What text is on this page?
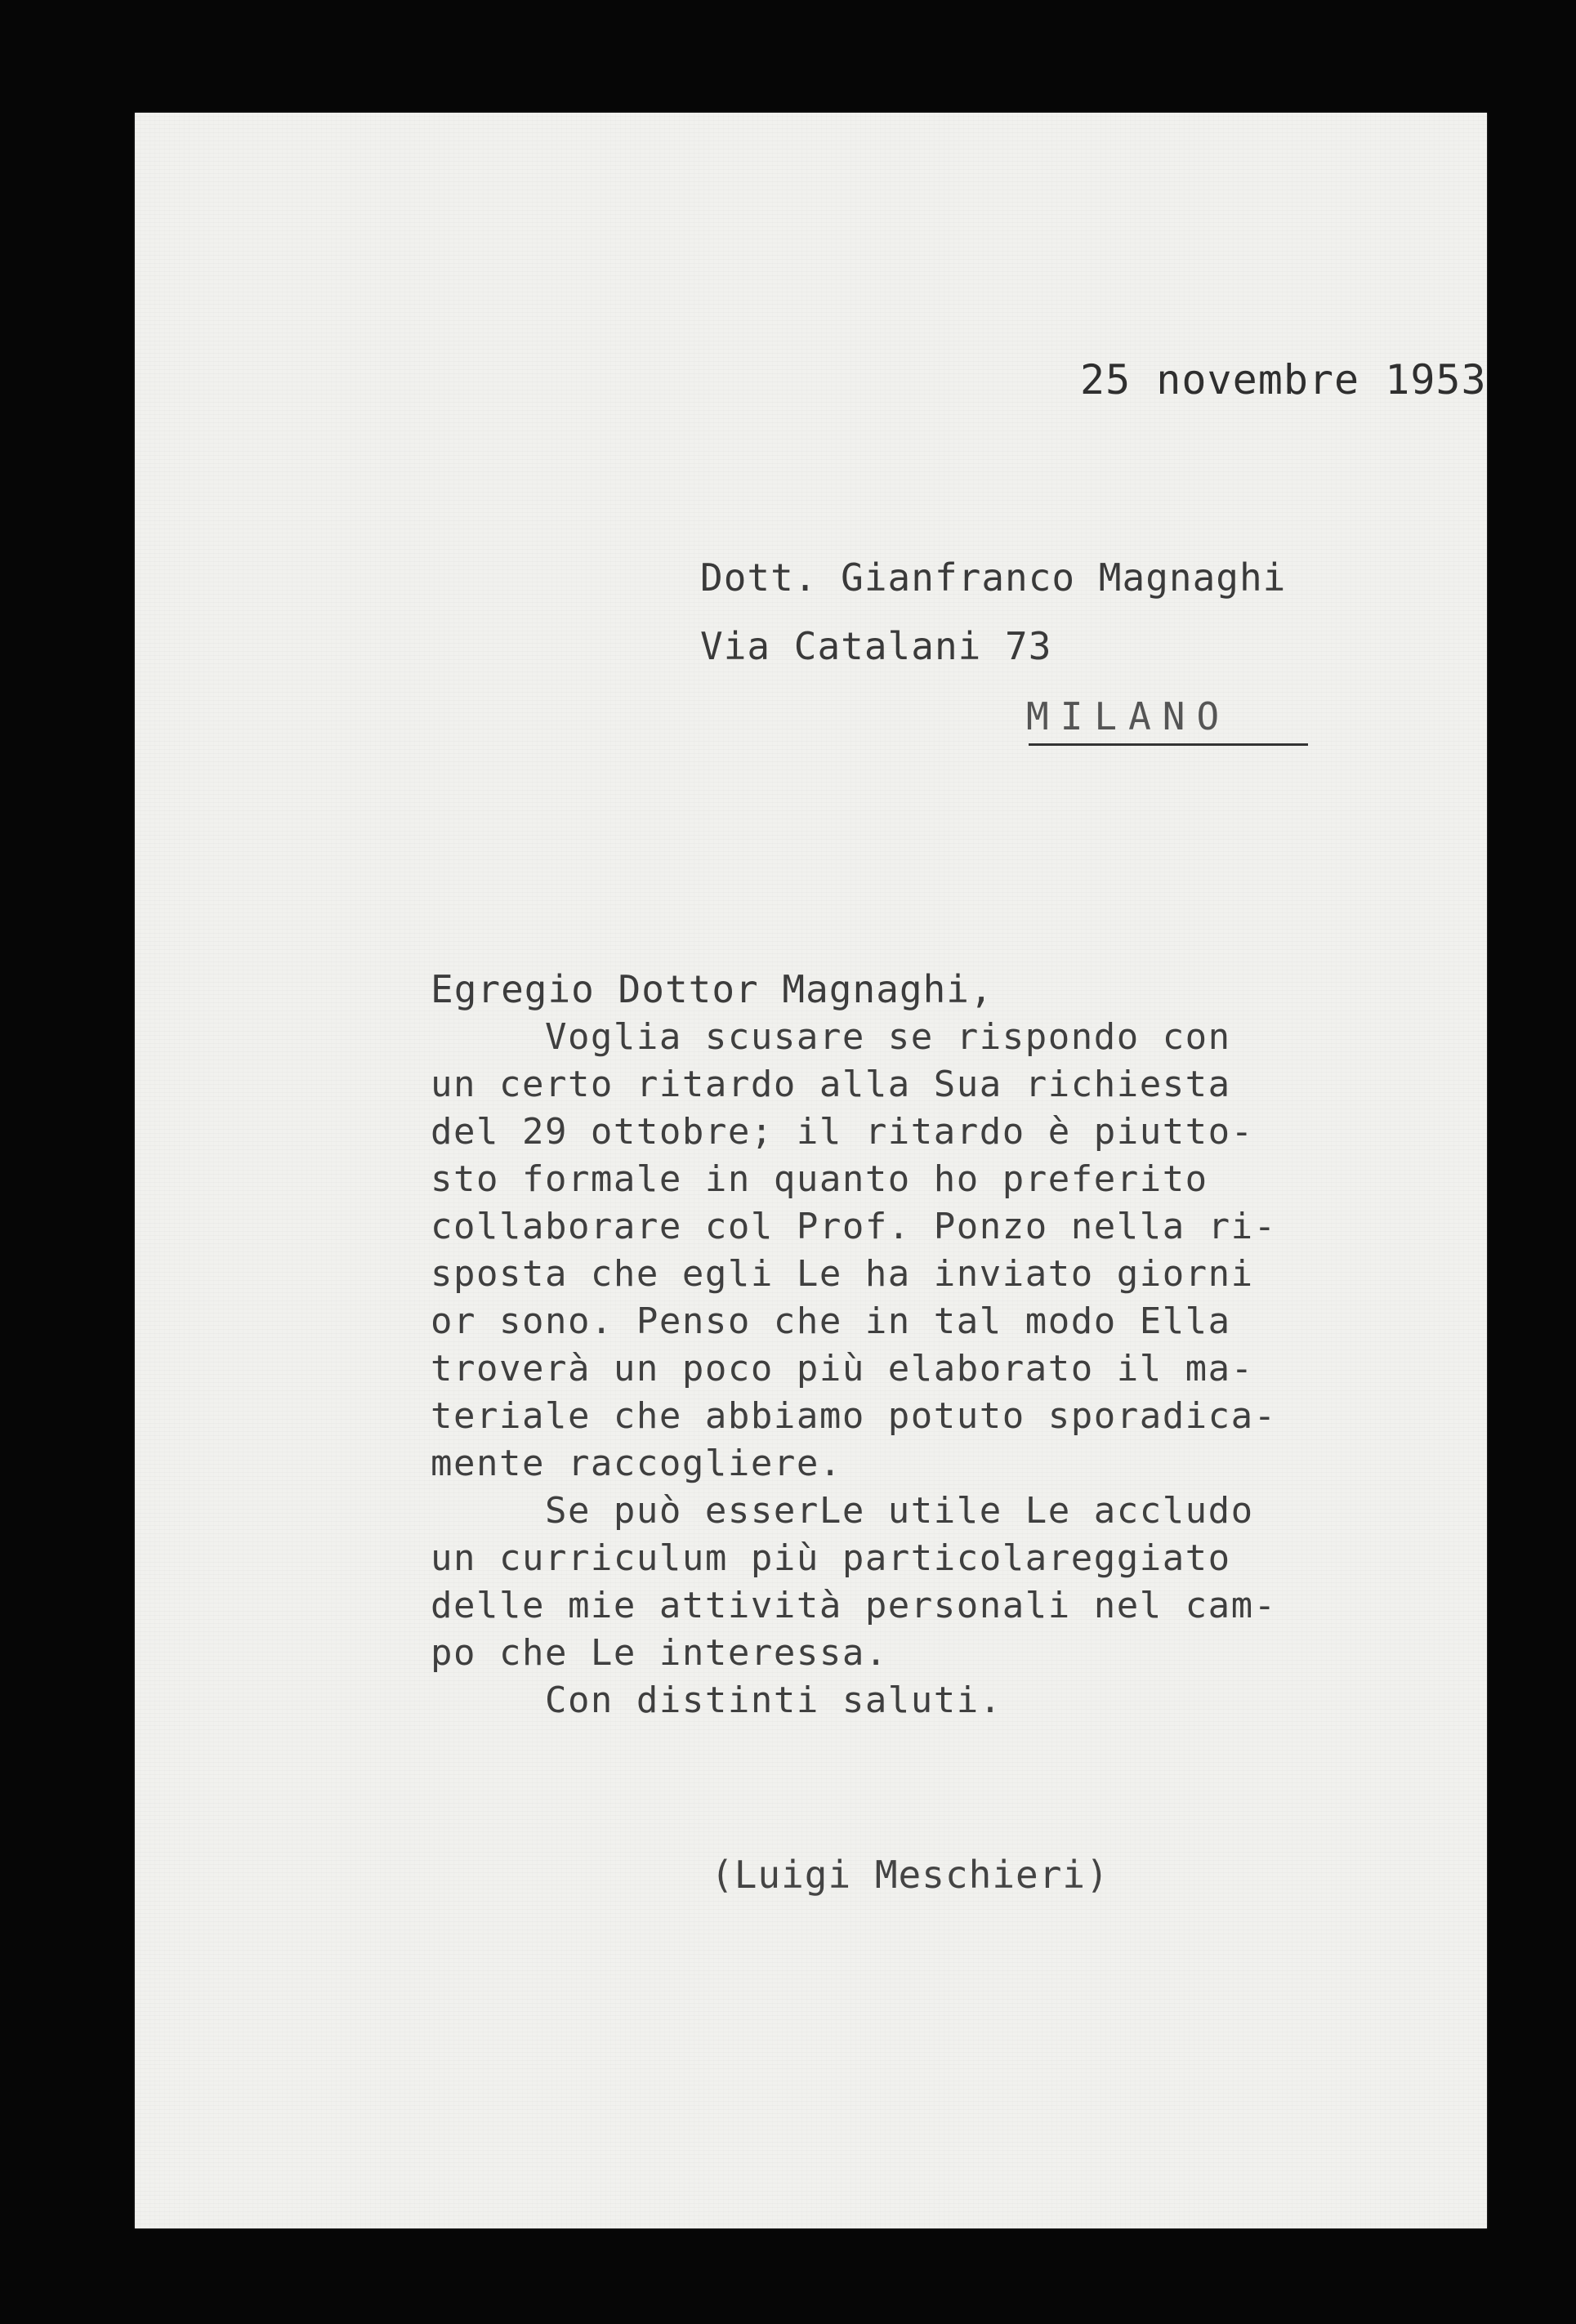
25 novembre 1953
Dott. Gianfranco Magnaghi
Via Catalani 73
MILANO
Egregio Dottor Magnaghi,
Voglia scusare se rispondo con
un certo ritardo alla Sua richiesta
del 29 ottobre; il ritardo è piutto-
sto formale in quanto ho preferito
collaborare col Prof. Ponzo nella ri-
sposta che egli Le ha inviato giorni
or sono. Penso che in tal modo Ella
troverà un poco più elaborato il ma-
teriale che abbiamo potuto sporadica-
mente raccogliere.
Se può esserLe utile Le accludo
un curriculum più particolareggiato
delle mie attività personali nel cam-
po che Le interessa.
Con distinti saluti.
(Luigi Meschieri)
